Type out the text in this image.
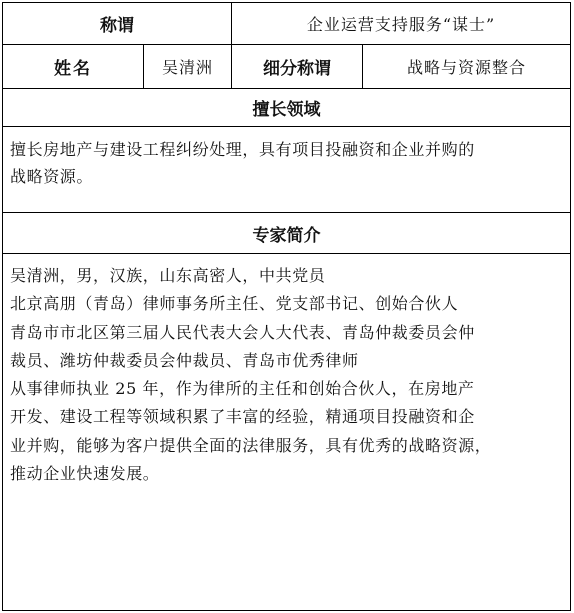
称谓	企业运营支持服务“谋士”
姓名	吴清洲	细分称谓	战略与资源整合
擅长领域
擅长房地产与建设工程纠纷处理，具有项目投融资和企业并购的
战略资源。
专家简介
吴清洲，男，汉族，山东高密人，中共党员
北京高朋（青岛）律师事务所主任、党支部书记、创始合伙人
青岛市市北区第三届人民代表大会人大代表、青岛仲裁委员会仲
裁员、潍坊仲裁委员会仲裁员、青岛市优秀律师
从事律师执业 25 年，作为律所的主任和创始合伙人，在房地产
开发、建设工程等领域积累了丰富的经验，精通项目投融资和企
业并购，能够为客户提供全面的法律服务，具有优秀的战略资源，
推动企业快速发展。
